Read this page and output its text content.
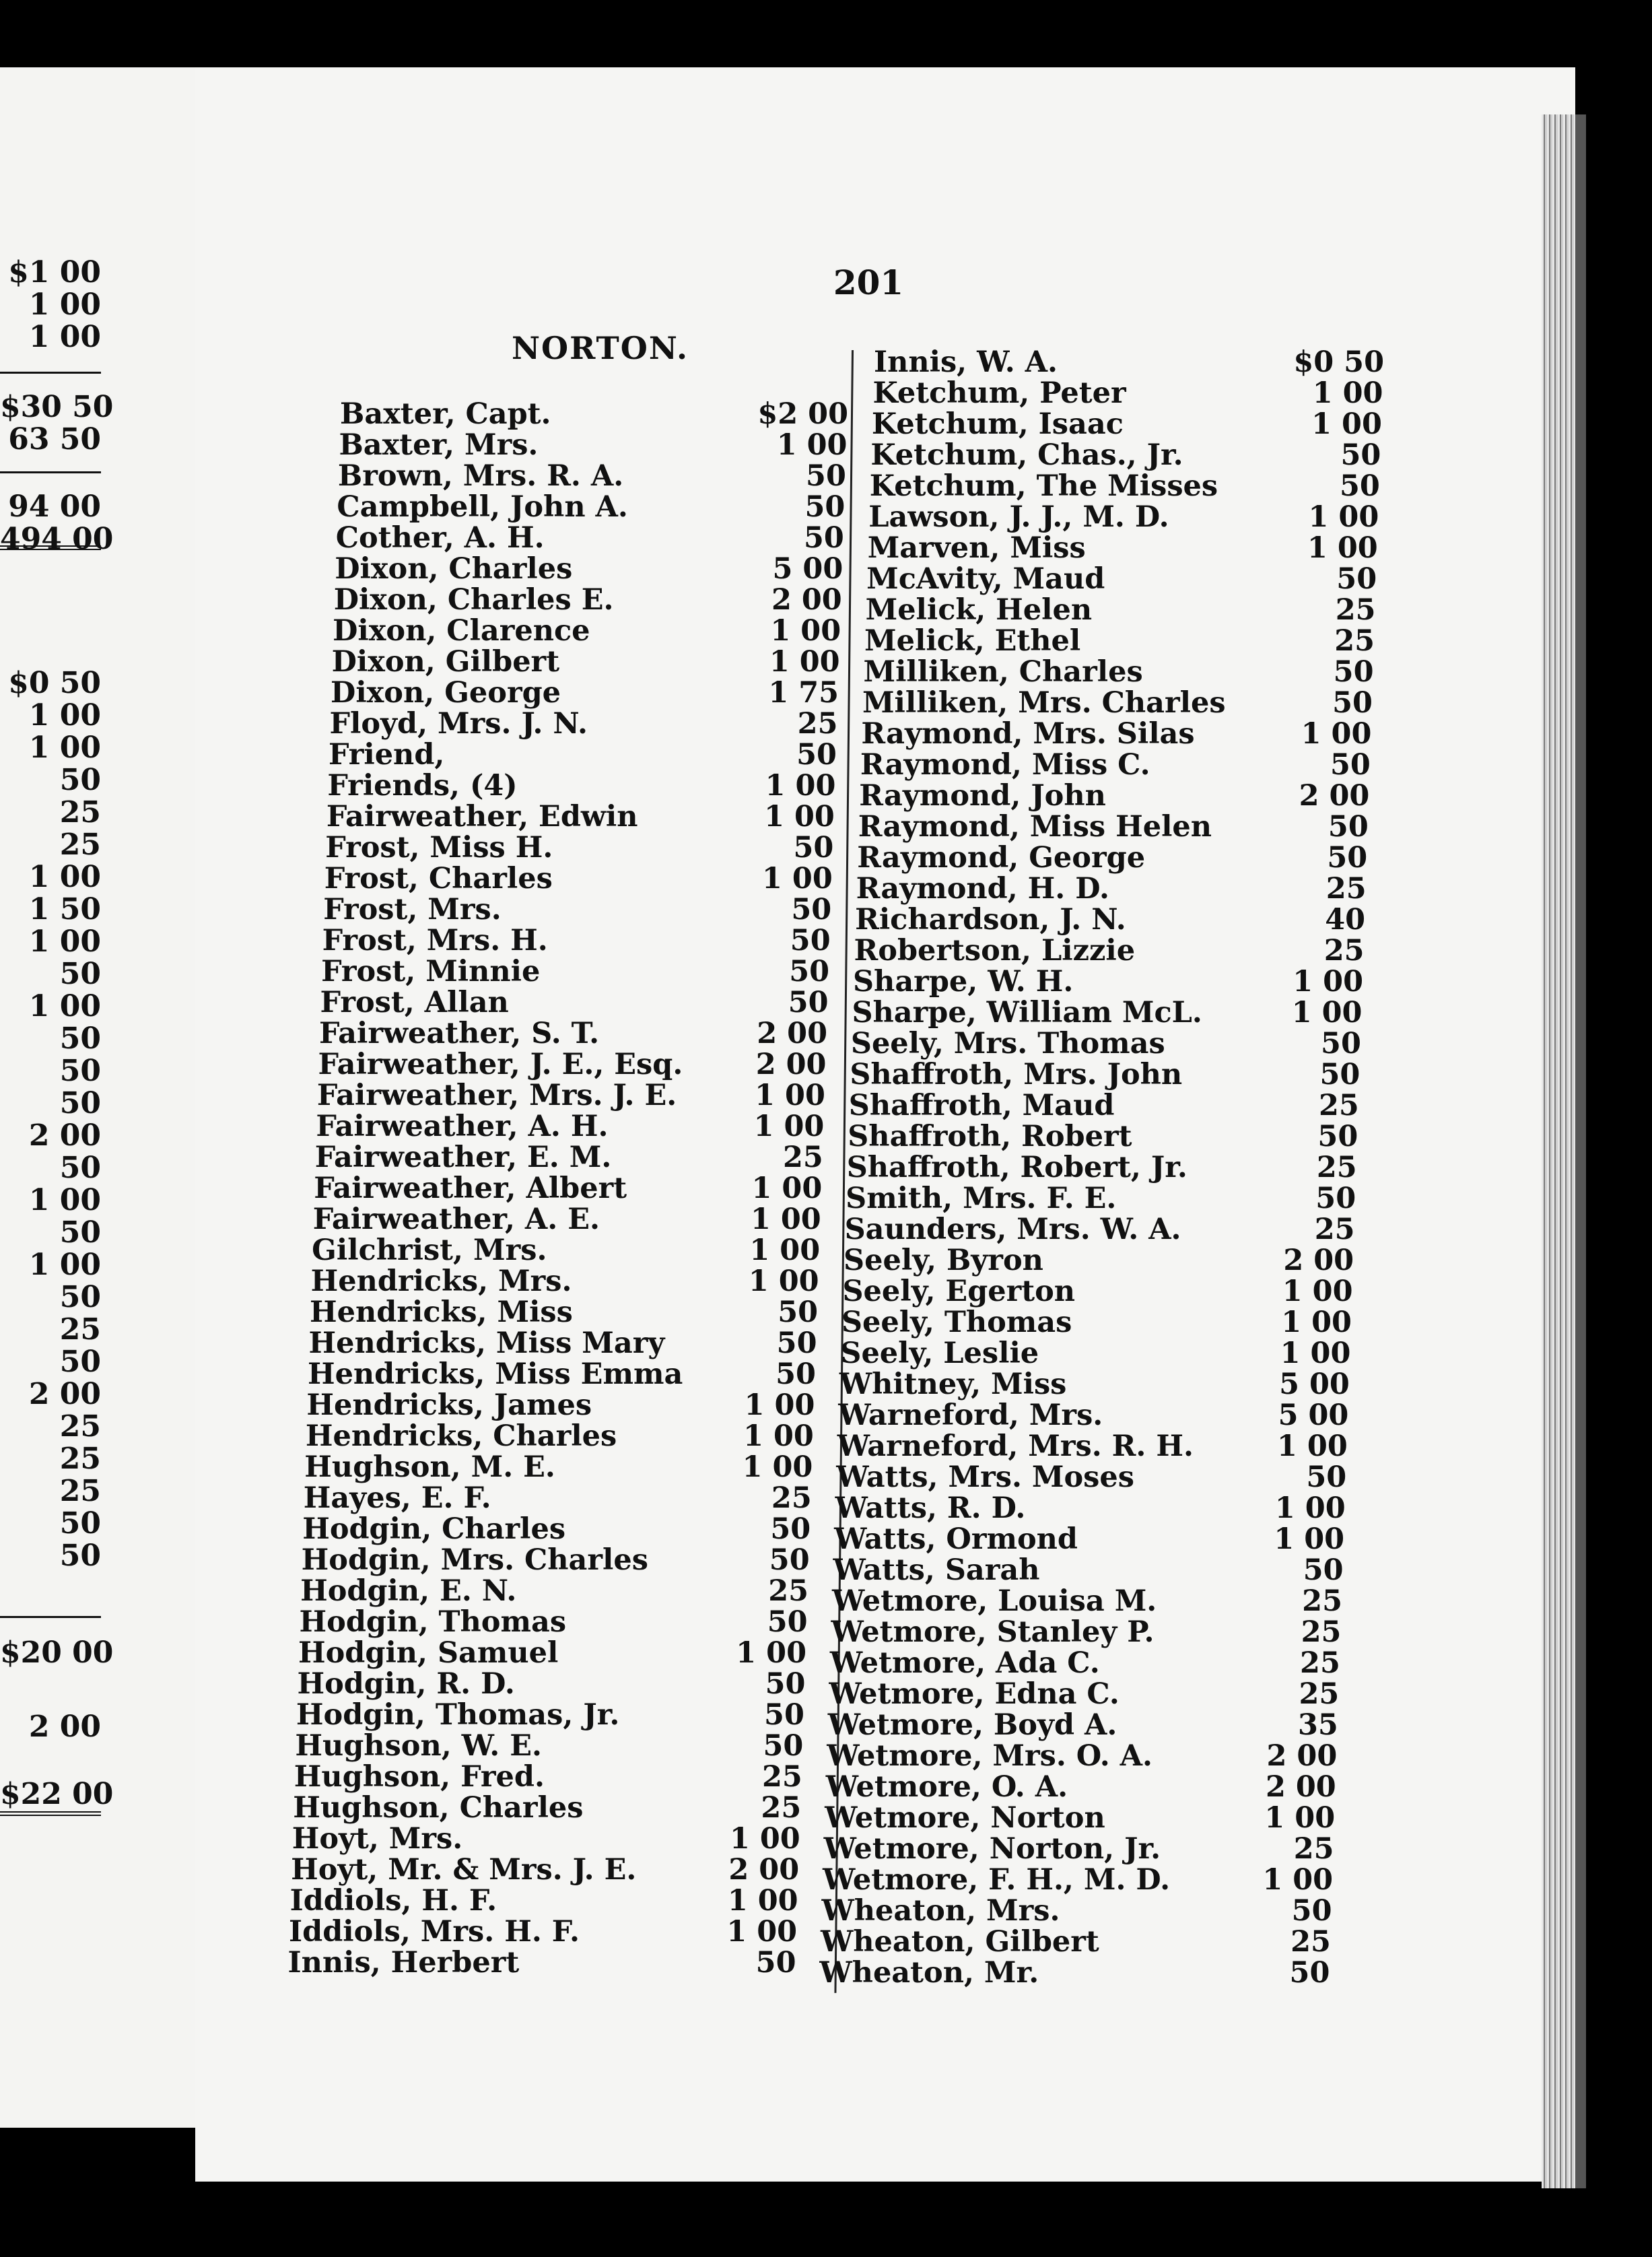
$1 00
1 00
1 00
$30 50
63 50
94 00
494 00
$0 50
1 00
1 00
50
25
25
1 00
1 50
1 00
50
1 00
50
50
50
2 00
50
1 00
50
1 00
50
25
50
2 00
25
25
25
50
50
$20 00
2 00
$22 00
201
NORTON.
Baxter, Capt.	$2 00
Baxter, Mrs.	1 00
Brown, Mrs. R. A.	50
Campbell, John A.	50
Cother, A. H.	50
Dixon, Charles	5 00
Dixon, Charles E.	2 00
Dixon, Clarence	1 00
Dixon, Gilbert	1 00
Dixon, George	1 75
Floyd, Mrs. J. N.	25
Friend,	50
Friends, (4)	1 00
Fairweather, Edwin	1 00
Frost, Miss H.	50
Frost, Charles	1 00
Frost, Mrs.	50
Frost, Mrs. H.	50
Frost, Minnie	50
Frost, Allan	50
Fairweather, S. T.	2 00
Fairweather, J. E., Esq.	2 00
Fairweather, Mrs. J. E.	1 00
Fairweather, A. H.	1 00
Fairweather, E. M.	25
Fairweather, Albert	1 00
Fairweather, A. E.	1 00
Gilchrist, Mrs.	1 00
Hendricks, Mrs.	1 00
Hendricks, Miss	50
Hendricks, Miss Mary	50
Hendricks, Miss Emma	50
Hendricks, James	1 00
Hendricks, Charles	1 00
Hughson, M. E.	1 00
Hayes, E. F.	25
Hodgin, Charles	50
Hodgin, Mrs. Charles	50
Hodgin, E. N.	25
Hodgin, Thomas	50
Hodgin, Samuel	1 00
Hodgin, R. D.	50
Hodgin, Thomas, Jr.	50
Hughson, W. E.	50
Hughson, Fred.	25
Hughson, Charles	25
Hoyt, Mrs.	1 00
Hoyt, Mr. & Mrs. J. E.	2 00
Iddiols, H. F.	1 00
Iddiols, Mrs. H. F.	1 00
Innis, Herbert	50
Innis, W. A.	$0 50
Ketchum, Peter	1 00
Ketchum, Isaac	1 00
Ketchum, Chas., Jr.	50
Ketchum, The Misses	50
Lawson, J. J., M. D.	1 00
Marven, Miss	1 00
McAvity, Maud	50
Melick, Helen	25
Melick, Ethel	25
Milliken, Charles	50
Milliken, Mrs. Charles	50
Raymond, Mrs. Silas	1 00
Raymond, Miss C.	50
Raymond, John	2 00
Raymond, Miss Helen	50
Raymond, George	50
Raymond, H. D.	25
Richardson, J. N.	40
Robertson, Lizzie	25
Sharpe, W. H.	1 00
Sharpe, William McL.	1 00
Seely, Mrs. Thomas	50
Shaffroth, Mrs. John	50
Shaffroth, Maud	25
Shaffroth, Robert	50
Shaffroth, Robert, Jr.	25
Smith, Mrs. F. E.	50
Saunders, Mrs. W. A.	25
Seely, Byron	2 00
Seely, Egerton	1 00
Seely, Thomas	1 00
Seely, Leslie	1 00
Whitney, Miss	5 00
Warneford, Mrs.	5 00
Warneford, Mrs. R. H.	1 00
Watts, Mrs. Moses	50
Watts, R. D.	1 00
Watts, Ormond	1 00
Watts, Sarah	50
Wetmore, Louisa M.	25
Wetmore, Stanley P.	25
Wetmore, Ada C.	25
Wetmore, Edna C.	25
Wetmore, Boyd A.	35
Wetmore, Mrs. O. A.	2 00
Wetmore, O. A.	2 00
Wetmore, Norton	1 00
Wetmore, Norton, Jr.	25
Wetmore, F. H., M. D.	1 00
Wheaton, Mrs.	50
Wheaton, Gilbert	25
Wheaton, Mr.	50
